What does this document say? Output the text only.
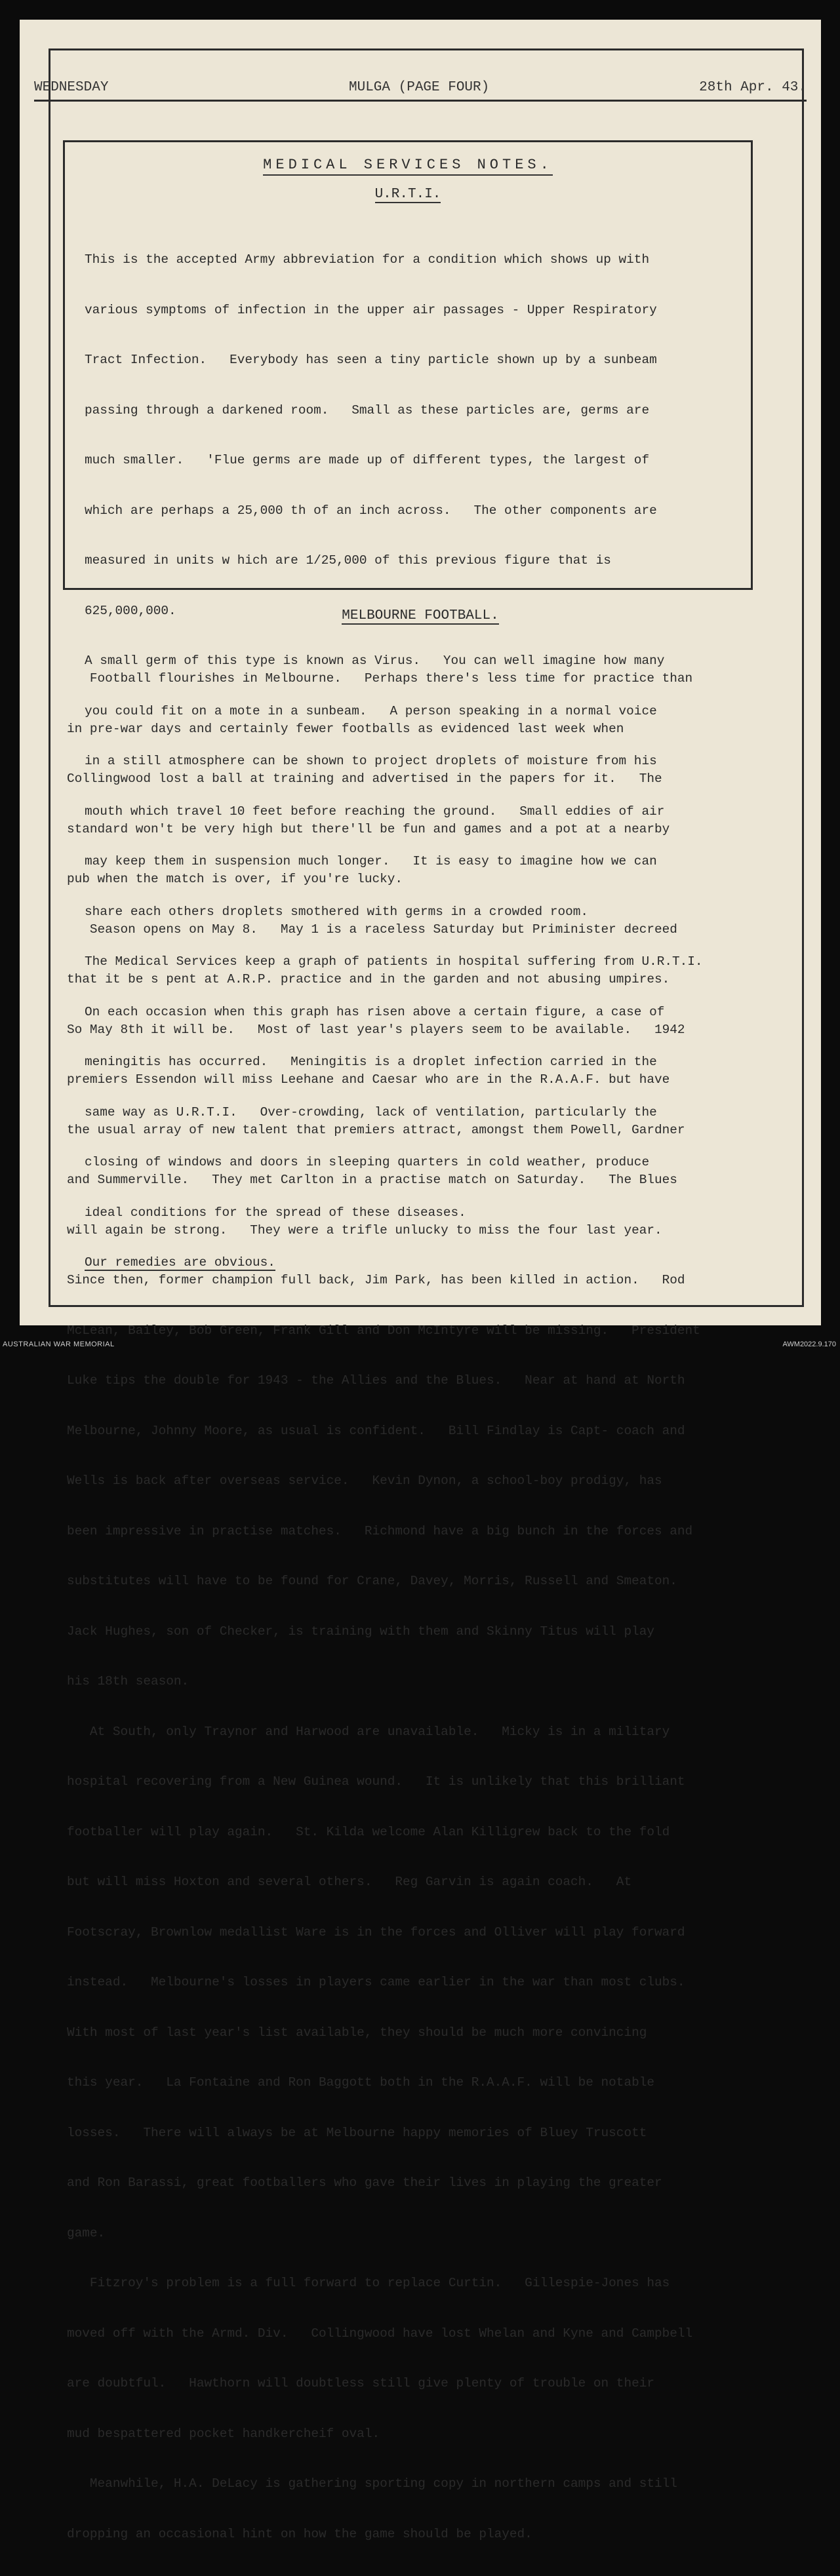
WEDNESDAY	MULGA (PAGE FOUR)	28th Apr. 43.
MEDICAL SERVICES NOTES.
U.R.T.I.

This is the accepted Army abbreviation for a condition which shows up with

various symptoms of infection in the upper air passages - Upper Respiratory

Tract Infection.   Everybody has seen a tiny particle shown up by a sunbeam

passing through a darkened room.   Small as these particles are, germs are

much smaller.   'Flue germs are made up of different types, the largest of

which are perhaps a 25,000 th of an inch across.   The other components are

measured in units w hich are 1/25,000 of this previous figure that is

625,000,000.

A small germ of this type is known as Virus.   You can well imagine how many

you could fit on a mote in a sunbeam.   A person speaking in a normal voice

in a still atmosphere can be shown to project droplets of moisture from his

mouth which travel 10 feet before reaching the ground.   Small eddies of air

may keep them in suspension much longer.   It is easy to imagine how we can

share each others droplets smothered with germs in a crowded room.

The Medical Services keep a graph of patients in hospital suffering from U.R.T.I.

On each occasion when this graph has risen above a certain figure, a case of

meningitis has occurred.   Meningitis is a droplet infection carried in the

same way as U.R.T.I.   Over-crowding, lack of ventilation, particularly the

closing of windows and doors in sleeping quarters in cold weather, produce

ideal conditions for the spread of these diseases.

Our remedies are obvious.

MELBOURNE FOOTBALL.

Football flourishes in Melbourne.   Perhaps there's less time for practice than

in pre-war days and certainly fewer footballs as evidenced last week when

Collingwood lost a ball at training and advertised in the papers for it.   The

standard won't be very high but there'll be fun and games and a pot at a nearby

pub when the match is over, if you're lucky.

Season opens on May 8.   May 1 is a raceless Saturday but Priminister decreed

that it be s pent at A.R.P. practice and in the garden and not abusing umpires.

So May 8th it will be.   Most of last year's players seem to be available.   1942

premiers Essendon will miss Leehane and Caesar who are in the R.A.A.F. but have

the usual array of new talent that premiers attract, amongst them Powell, Gardner

and Summerville.   They met Carlton in a practise match on Saturday.   The Blues

will again be strong.   They were a trifle unlucky to miss the four last year.

Since then, former champion full back, Jim Park, has been killed in action.   Rod

McLean, Bailey, Bob Green, Frank Gill and Don McIntyre will be missing.   President

Luke tips the double for 1943 - the Allies and the Blues.   Near at hand at North

Melbourne, Johnny Moore, as usual is confident.   Bill Findlay is Capt- coach and

Wells is back after overseas service.   Kevin Dynon, a school-boy prodigy, has

been impressive in practise matches.   Richmond have a big bunch in the forces and

substitutes will have to be found for Crane, Davey, Morris, Russell and Smeaton.

Jack Hughes, son of Checker, is training with them and Skinny Titus will play

his 18th season.

At South, only Traynor and Harwood are unavailable.   Micky is in a military

hospital recovering from a New Guinea wound.   It is unlikely that this brilliant

footballer will play again.   St. Kilda welcome Alan Killigrew back to the fold

but will miss Hoxton and several others.   Reg Garvin is again coach.   At

Footscray, Brownlow medallist Ware is in the forces and Olliver will play forward

instead.   Melbourne's losses in players came earlier in the war than most clubs.

With most of last year's list available, they should be much more convincing

this year.   La Fontaine and Ron Baggott both in the R.A.A.F. will be notable

losses.   There will always be at Melbourne happy memories of Bluey Truscott

and Ron Barassi, great footballers who gave their lives in playing the greater

game.

Fitzroy's problem is a full forward to replace Curtin.   Gillespie-Jones has

moved off with the Armd. Div.   Collingwood have lost Whelan and Kyne and Campbell

are doubtful.   Hawthorn will doubtless still give plenty of trouble on their

mud bespattered pocket handkercheif oval.

Meanwhile, H.A. DeLacy is gathering sporting copy in northern camps and still

dropping an occasional hint on how the game should be played.

AUSTRALIAN WAR MEMORIAL	AWM2022.9.170
